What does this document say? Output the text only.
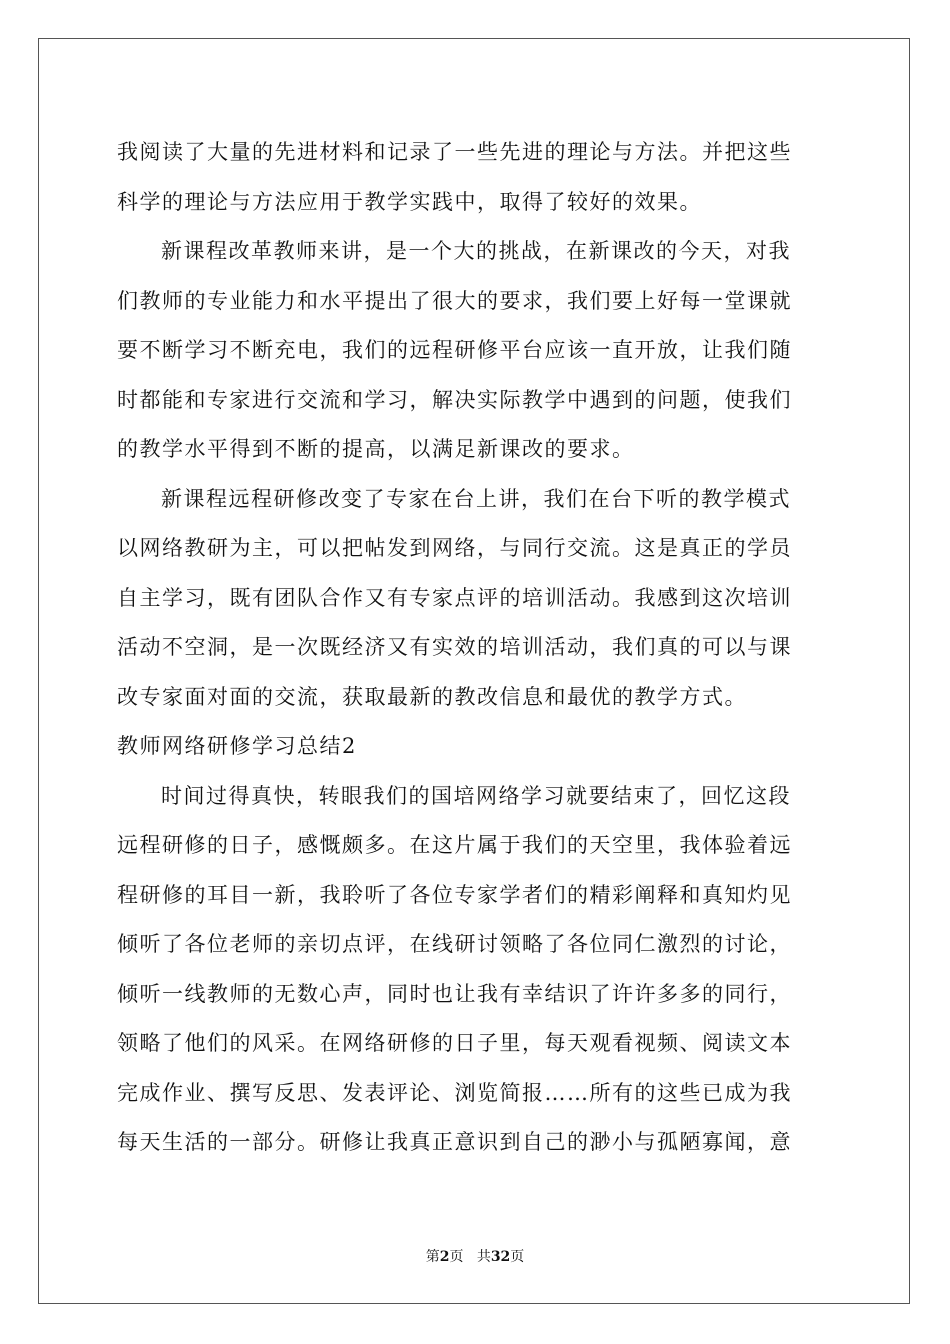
我阅读了大量的先进材料和记录了一些先进的理论与方法。并把这些
科学的理论与方法应用于教学实践中，取得了较好的效果。
新课程改革教师来讲，是一个大的挑战，在新课改的今天，对我
们教师的专业能力和水平提出了很大的要求，我们要上好每一堂课就
要不断学习不断充电，我们的远程研修平台应该一直开放，让我们随
时都能和专家进行交流和学习，解决实际教学中遇到的问题，使我们
的教学水平得到不断的提高，以满足新课改的要求。
新课程远程研修改变了专家在台上讲，我们在台下听的教学模式
以网络教研为主，可以把帖发到网络，与同行交流。这是真正的学员
自主学习，既有团队合作又有专家点评的培训活动。我感到这次培训
活动不空洞，是一次既经济又有实效的培训活动，我们真的可以与课
改专家面对面的交流，获取最新的教改信息和最优的教学方式。
教师网络研修学习总结2
时间过得真快，转眼我们的国培网络学习就要结束了，回忆这段
远程研修的日子，感慨颇多。在这片属于我们的天空里，我体验着远
程研修的耳目一新，我聆听了各位专家学者们的精彩阐释和真知灼见
倾听了各位老师的亲切点评，在线研讨领略了各位同仁激烈的讨论，
倾听一线教师的无数心声，同时也让我有幸结识了许许多多的同行，
领略了他们的风采。在网络研修的日子里，每天观看视频、阅读文本
完成作业、撰写反思、发表评论、浏览简报……所有的这些已成为我
每天生活的一部分。研修让我真正意识到自己的渺小与孤陋寡闻，意
第2页 共32页
